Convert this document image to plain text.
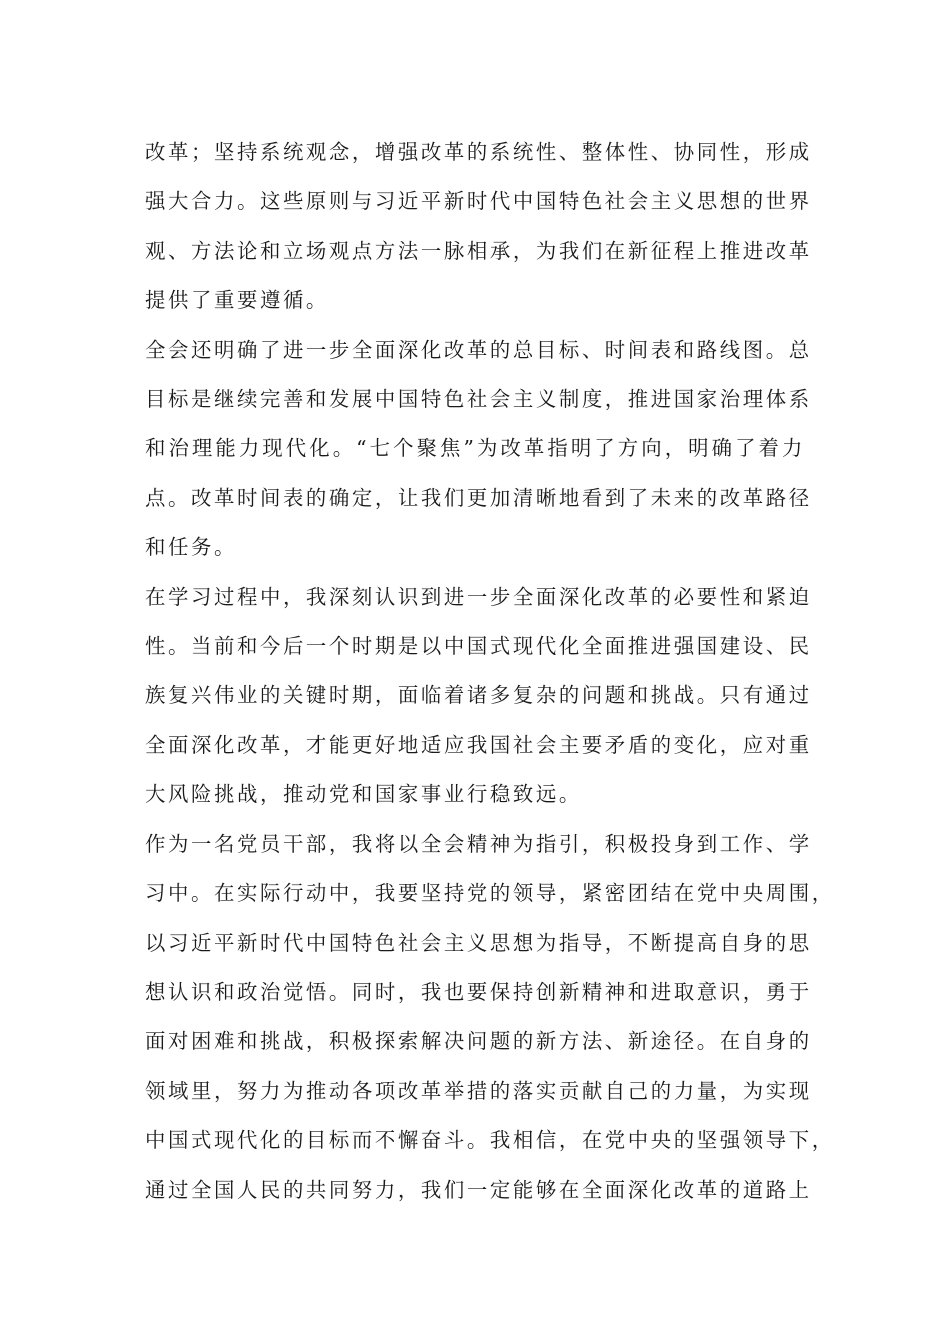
改革；坚持系统观念，增强改革的系统性、整体性、协同性，形成
强大合力。这些原则与习近平新时代中国特色社会主义思想的世界
观、方法论和立场观点方法一脉相承，为我们在新征程上推进改革
提供了重要遵循。

全会还明确了进一步全面深化改革的总目标、时间表和路线图。总
目标是继续完善和发展中国特色社会主义制度，推进国家治理体系
和治理能力现代化。“七个聚焦”为改革指明了方向，明确了着力
点。改革时间表的确定，让我们更加清晰地看到了未来的改革路径
和任务。

在学习过程中，我深刻认识到进一步全面深化改革的必要性和紧迫
性。当前和今后一个时期是以中国式现代化全面推进强国建设、民
族复兴伟业的关键时期，面临着诸多复杂的问题和挑战。只有通过
全面深化改革，才能更好地适应我国社会主要矛盾的变化，应对重
大风险挑战，推动党和国家事业行稳致远。

作为一名党员干部，我将以全会精神为指引，积极投身到工作、学
习中。在实际行动中，我要坚持党的领导，紧密团结在党中央周围，
以习近平新时代中国特色社会主义思想为指导，不断提高自身的思
想认识和政治觉悟。同时，我也要保持创新精神和进取意识，勇于
面对困难和挑战，积极探索解决问题的新方法、新途径。在自身的
领域里，努力为推动各项改革举措的落实贡献自己的力量，为实现
中国式现代化的目标而不懈奋斗。我相信，在党中央的坚强领导下，
通过全国人民的共同努力，我们一定能够在全面深化改革的道路上
